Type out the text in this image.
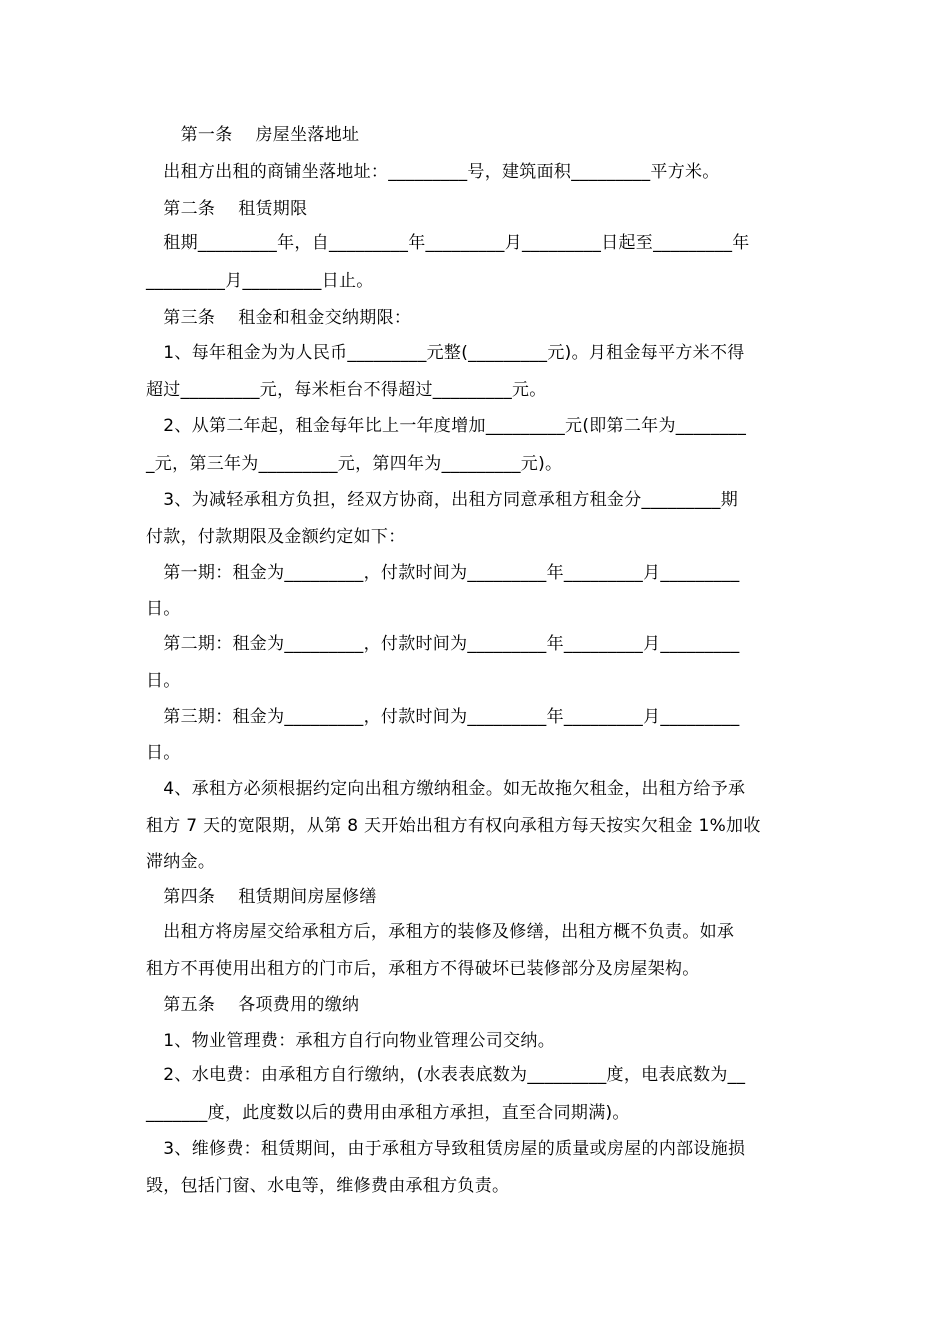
　　第一条　 房屋坐落地址
　出租方出租的商铺坐落地址：_________号，建筑面积_________平方米。
　第二条　 租赁期限
　租期_________年，自_________年_________月_________日起至_________年
_________月_________日止。
　第三条　 租金和租金交纳期限：
　1、每年租金为为人民币_________元整(_________元)。月租金每平方米不得
超过_________元，每米柜台不得超过_________元。
　2、从第二年起，租金每年比上一年度增加_________元(即第二年为________
_元，第三年为_________元，第四年为_________元)。
　3、为减轻承租方负担，经双方协商，出租方同意承租方租金分_________期
付款，付款期限及金额约定如下：
　第一期：租金为_________，付款时间为_________年_________月_________
日。
　第二期：租金为_________，付款时间为_________年_________月_________
日。
　第三期：租金为_________，付款时间为_________年_________月_________
日。
　4、承租方必须根据约定向出租方缴纳租金。如无故拖欠租金，出租方给予承
租方 7 天的宽限期，从第 8 天开始出租方有权向承租方每天按实欠租金 1%加收
滞纳金。
　第四条　 租赁期间房屋修缮
　出租方将房屋交给承租方后，承租方的装修及修缮，出租方概不负责。如承
租方不再使用出租方的门市后，承租方不得破坏已装修部分及房屋架构。
　第五条　 各项费用的缴纳
　1、物业管理费：承租方自行向物业管理公司交纳。
　2、水电费：由承租方自行缴纳，(水表表底数为_________度，电表底数为__
_______度，此度数以后的费用由承租方承担，直至合同期满)。
　3、维修费：租赁期间，由于承租方导致租赁房屋的质量或房屋的内部设施损
毁，包括门窗、水电等，维修费由承租方负责。
